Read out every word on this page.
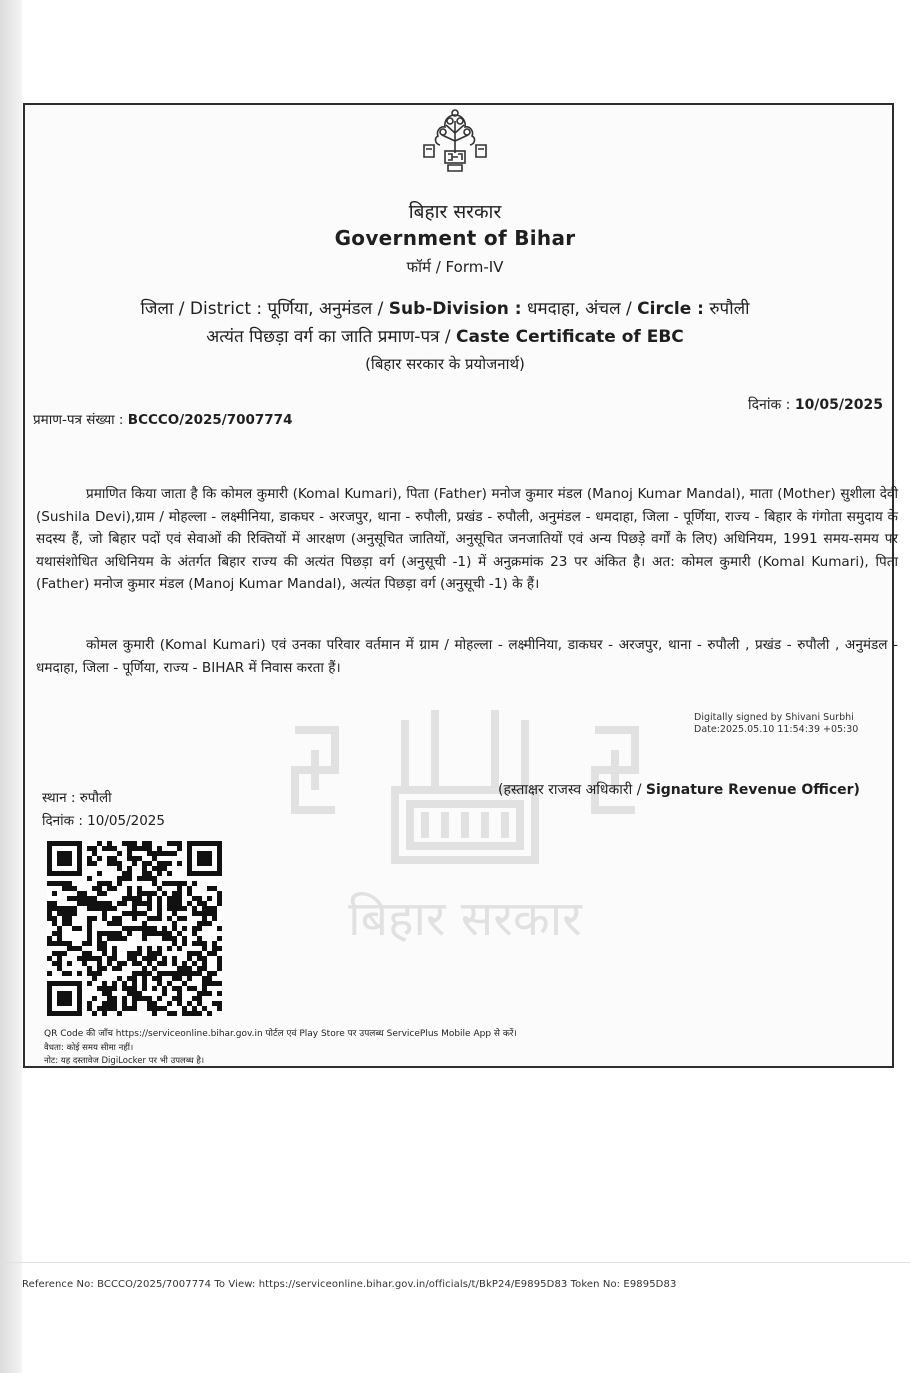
बिहार सरकार
Government of Bihar
फॉर्म / Form-IV
जिला / District : पूर्णिया, अनुमंडल / Sub-Division : धमदाहा, अंचल / Circle : रुपौली
अत्यंत पिछड़ा वर्ग का जाति प्रमाण-पत्र / Caste Certificate of EBC
(बिहार सरकार के प्रयोजनार्थ)
प्रमाण-पत्र संख्या : BCCCO/2025/7007774
दिनांक : 10/05/2025
प्रमाणित किया जाता है कि कोमल कुमारी (Komal Kumari), पिता (Father) मनोज कुमार मंडल (Manoj Kumar Mandal), माता (Mother) सुशीला देवी (Sushila Devi),ग्राम / मोहल्ला - लक्ष्मीनिया, डाकघर - अरजपुर, थाना - रुपौली, प्रखंड - रुपौली, अनुमंडल - धमदाहा, जिला - पूर्णिया, राज्य - बिहार के गंगोता समुदाय के सदस्य हैं, जो बिहार पदों एवं सेवाओं की रिक्तियों में आरक्षण (अनुसूचित जातियों, अनुसूचित जनजातियों एवं अन्य पिछड़े वर्गों के लिए) अधिनियम, 1991 समय-समय पर यथासंशोधित अधिनियम के अंतर्गत बिहार राज्य की अत्यंत पिछड़ा वर्ग (अनुसूची -1) में अनुक्रमांक 23 पर अंकित है। अत: कोमल कुमारी (Komal Kumari), पिता (Father) मनोज कुमार मंडल (Manoj Kumar Mandal), अत्यंत पिछड़ा वर्ग (अनुसूची -1) के हैं।
कोमल कुमारी (Komal Kumari) एवं उनका परिवार वर्तमान में ग्राम / मोहल्ला - लक्ष्मीनिया, डाकघर - अरजपुर, थाना - रुपौली , प्रखंड - रुपौली , अनुमंडल - धमदाहा, जिला - पूर्णिया, राज्य - BIHAR में निवास करता हैं।
बिहार सरकार
Digitally signed by Shivani Surbhi
Date:2025.05.10 11:54:39 +05:30
स्थान : रुपौली
दिनांक : 10/05/2025
(हस्ताक्षर राजस्व अधिकारी / Signature Revenue Officer)
QR Code की जाँच https://serviceonline.bihar.gov.in पोर्टल एवं Play Store पर उपलब्ध ServicePlus Mobile App से करें।
वैधता: कोई समय सीमा नहीं।
नोट: यह दस्तावेज DigiLocker पर भी उपलब्ध है।
Reference No: BCCCO/2025/7007774 To View: https://serviceonline.bihar.gov.in/officials/t/BkP24/E9895D83 Token No: E9895D83
